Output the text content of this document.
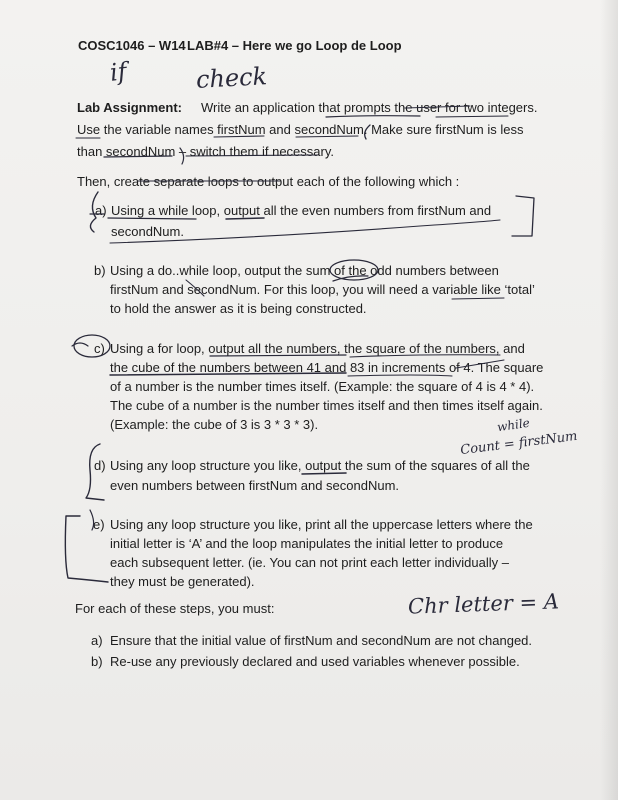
COSC1046 – W14 LAB#4 – Here we go Loop de Loop
Lab Assignment: Write an application that prompts the user for two integers.
Use the variable names firstNum and secondNum. Make sure firstNum is less
than secondNum – switch them if necessary.
Then, create separate loops to output each of the following which :
a) Using a while loop, output all the even numbers from firstNum and
secondNum.
b) Using a do..while loop, output the sum of the odd numbers between
firstNum and secondNum. For this loop, you will need a variable like ‘total’
to hold the answer as it is being constructed.
c) Using a for loop, output all the numbers, the square of the numbers, and
the cube of the numbers between 41 and 83 in increments of 4. The square
of a number is the number times itself. (Example: the square of 4 is 4 * 4).
The cube of a number is the number times itself and then times itself again.
(Example: the cube of 3 is 3 * 3 * 3).
d) Using any loop structure you like, output the sum of the squares of all the
even numbers between firstNum and secondNum.
e) Using any loop structure you like, print all the uppercase letters where the
initial letter is ‘A’ and the loop manipulates the initial letter to produce
each subsequent letter. (ie. You can not print each letter individually –
they must be generated).
For each of these steps, you must:
a) Ensure that the initial value of firstNum and secondNum are not changed.
b) Re-use any previously declared and used variables whenever possible.
if	check
while
Count = firstNum
Chr letter = A
